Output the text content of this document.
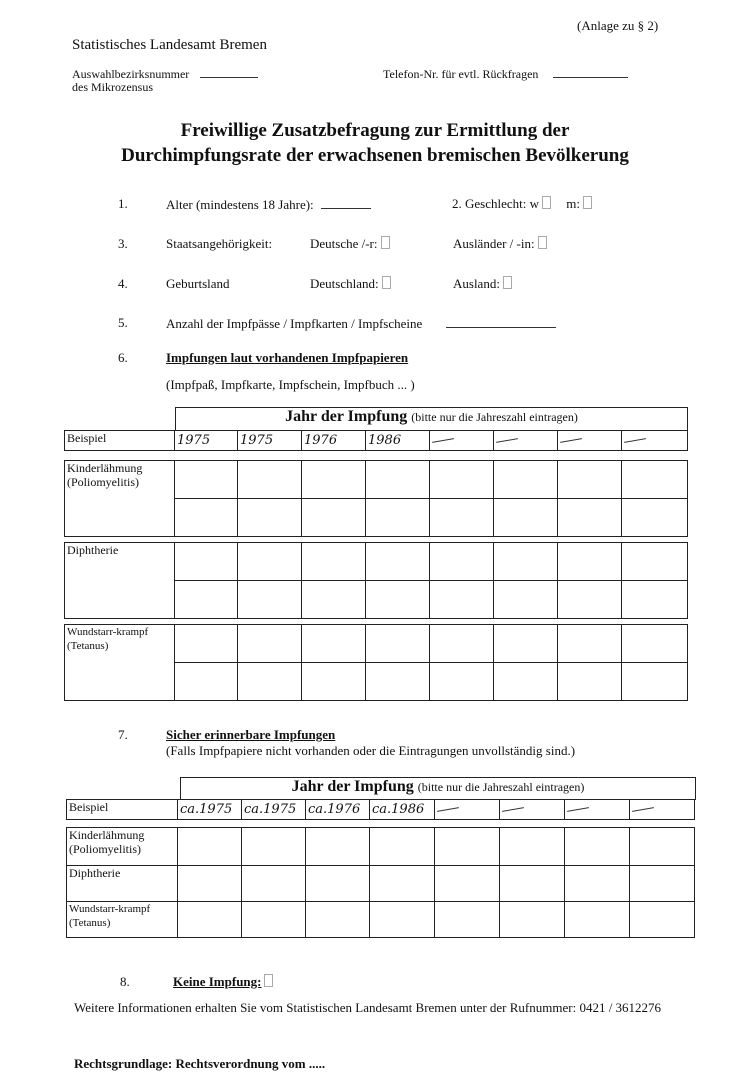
(Anlage zu § 2)
Statistisches Landesamt Bremen
Auswahlbezirksnummer
des Mikrozensus
Telefon-Nr. für evtl. Rückfragen
Freiwillige Zusatzbefragung zur Ermittlung der
Durchimpfungsrate der erwachsenen bremischen Bevölkerung
1.	Alter (mindestens 18 Jahre):	2. Geschlecht: w m:
3.	Staatsangehörigkeit:	Deutsche /-r:	Ausländer / -in:
4.	Geburtsland	Deutschland:	Ausland:
5.	Anzahl der Impfpässe / Impfkarten / Impfscheine
6.	Impfungen laut vorhandenen Impfpapieren
(Impfpaß, Impfkarte, Impfschein, Impfbuch ... )
Jahr der Impfung (bitte nur die Jahreszahl eintragen)
Beispiel	1975	1975	1976	1986				

Kinderlähmung (Poliomyelitis)								

Diphtherie								

Wundstarr-krampf (Tetanus)								

7.	Sicher erinnerbare Impfungen
(Falls Impfpapiere nicht vorhanden oder die Eintragungen unvollständig sind.)
Jahr der Impfung (bitte nur die Jahreszahl eintragen)
Beispiel	ca.1975	ca.1975	ca.1976	ca.1986				

Kinderlähmung (Poliomyelitis)								
Diphtherie								
Wundstarr-krampf (Tetanus)								
8.	Keine Impfung:
Weitere Informationen erhalten Sie vom Statistischen Landesamt Bremen unter der Rufnummer: 0421 / 3612276
Rechtsgrundlage: Rechtsverordnung vom .....
